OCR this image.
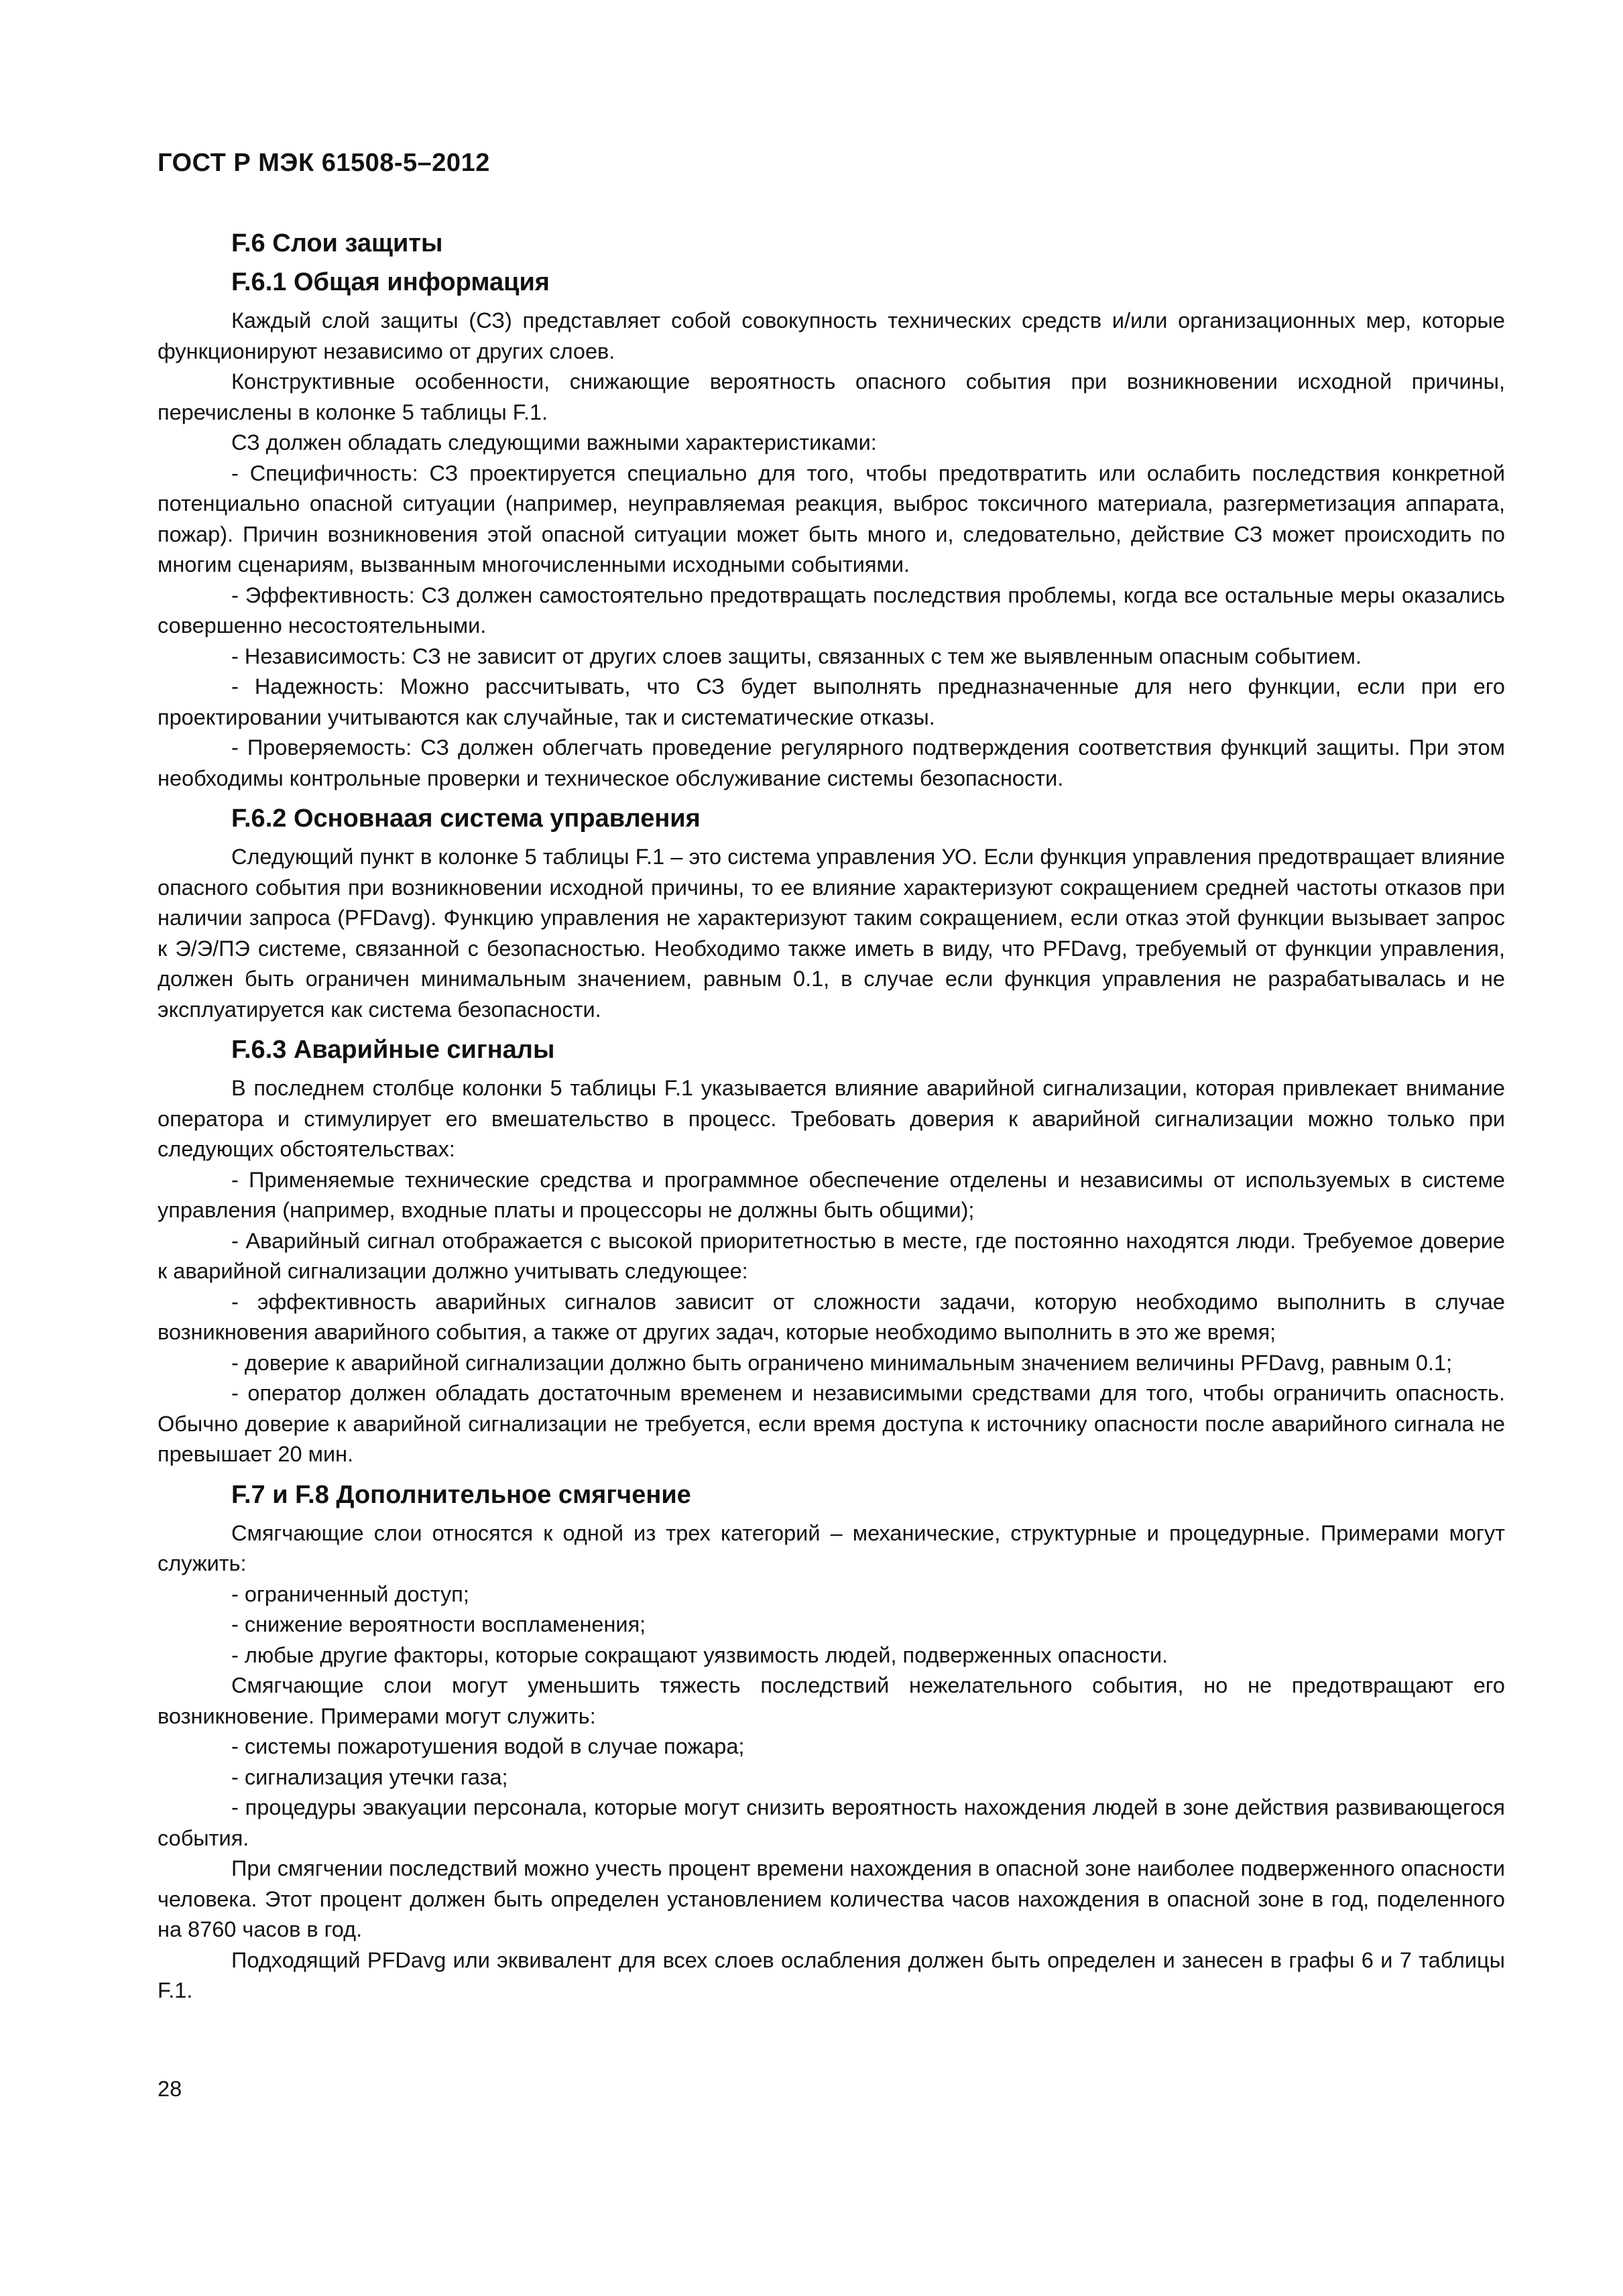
ГОСТ Р МЭК 61508-5–2012
F.6 Слои защиты
F.6.1 Общая информация

Каждый слой защиты (СЗ) представляет собой совокупность технических средств и/или организационных мер, которые функционируют независимо от других слоев.

Конструктивные особенности, снижающие вероятность опасного события при возникновении исходной причины, перечислены в колонке 5 таблицы F.1.

СЗ должен обладать следующими важными характеристиками:

- Специфичность: СЗ проектируется специально для того, чтобы предотвратить или ослабить последствия конкретной потенциально опасной ситуации (например, неуправляемая реакция, выброс токсичного материала, разгерметизация аппарата, пожар). Причин возникновения этой опасной ситуации может быть много и, следовательно, действие СЗ может происходить по многим сценариям, вызванным многочисленными исходными событиями.

- Эффективность: СЗ должен самостоятельно предотвращать последствия проблемы, когда все остальные меры оказались совершенно несостоятельными.

- Независимость: СЗ не зависит от других слоев защиты, связанных с тем же выявленным опасным событием.

- Надежность: Можно рассчитывать, что СЗ будет выполнять предназначенные для него функции, если при его проектировании учитываются как случайные, так и систематические отказы.

- Проверяемость: СЗ должен облегчать проведение регулярного подтверждения соответствия функций защиты. При этом необходимы контрольные проверки и техническое обслуживание системы безопасности.

F.6.2 Основнаая система управления

Следующий пункт в колонке 5 таблицы F.1 – это система управления УО. Если функция управления предотвращает влияние опасного события при возникновении исходной причины, то ее влияние характеризуют сокращением средней частоты отказов при наличии запроса (PFDavg). Функцию управления не характеризуют таким сокращением, если отказ этой функции вызывает запрос к Э/Э/ПЭ системе, связанной с безопасностью. Необходимо также иметь в виду, что PFDavg, требуемый от функции управления, должен быть ограничен минимальным значением, равным 0.1, в случае если функция управления не разрабатывалась и не эксплуатируется как система безопасности.

F.6.3 Аварийные сигналы

В последнем столбце колонки 5 таблицы F.1 указывается влияние аварийной сигнализации, которая привлекает внимание оператора и стимулирует его вмешательство в процесс. Требовать доверия к аварийной сигнализации можно только при следующих обстоятельствах:

- Применяемые технические средства и программное обеспечение отделены и независимы от используемых в системе управления (например, входные платы и процессоры не должны быть общими);

- Аварийный сигнал отображается с высокой приоритетностью в месте, где постоянно находятся люди. Требуемое доверие к аварийной сигнализации должно учитывать следующее:

- эффективность аварийных сигналов зависит от сложности задачи, которую необходимо выполнить в случае возникновения аварийного события, а также от других задач, которые необходимо выполнить в это же время;

- доверие к аварийной сигнализации должно быть ограничено минимальным значением величины PFDavg, равным 0.1;

- оператор должен обладать достаточным временем и независимыми средствами для того, чтобы ограничить опасность. Обычно доверие к аварийной сигнализации не требуется, если время доступа к источнику опасности после аварийного сигнала не превышает 20 мин.

F.7 и F.8 Дополнительное смягчение

Смягчающие слои относятся к одной из трех категорий – механические, структурные и процедурные. Примерами могут служить:

- ограниченный доступ;

- снижение вероятности воспламенения;

- любые другие факторы, которые сокращают уязвимость людей, подверженных опасности.

Смягчающие слои могут уменьшить тяжесть последствий нежелательного события, но не предотвращают его возникновение. Примерами могут служить:

- системы пожаротушения водой в случае пожара;

- сигнализация утечки газа;

- процедуры эвакуации персонала, которые могут снизить вероятность нахождения людей в зоне действия развивающегося события.

При смягчении последствий можно учесть процент времени нахождения в опасной зоне наиболее подверженного опасности человека. Этот процент должен быть определен установлением количества часов нахождения в опасной зоне в год, поделенного на 8760 часов в год.

Подходящий PFDavg или эквивалент для всех слоев ослабления должен быть определен и занесен в графы 6 и 7 таблицы F.1.

28
